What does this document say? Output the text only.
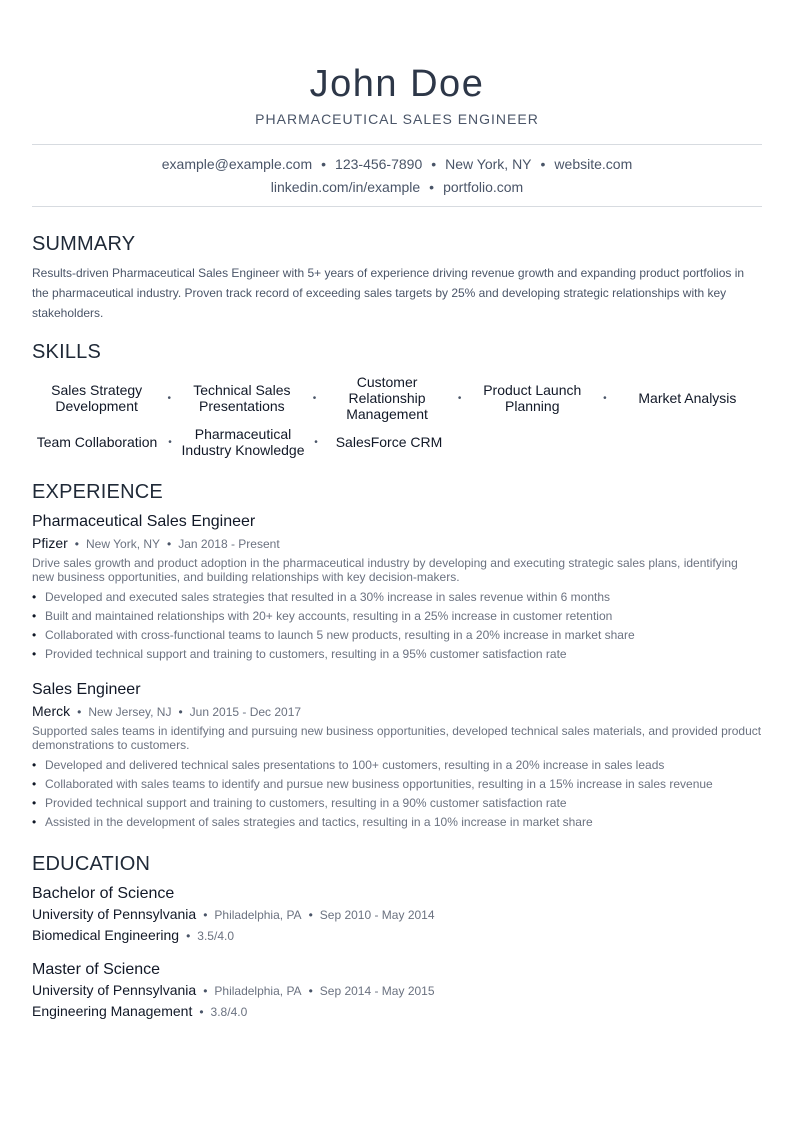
John Doe
PHARMACEUTICAL SALES ENGINEER
example@example.com • 123-456-7890 • New York, NY • website.com
linkedin.com/in/example • portfolio.com
SUMMARY
Results-driven Pharmaceutical Sales Engineer with 5+ years of experience driving revenue growth and expanding product portfolios in the pharmaceutical industry. Proven track record of exceeding sales targets by 25% and developing strategic relationships with key stakeholders.
SKILLS
Sales Strategy Development	•	Technical Sales Presentations	•
Customer Relationship Management
•	Product Launch Planning	•	Market Analysis
Team Collaboration	•	Pharmaceutical Industry Knowledge •	SalesForce CRM
EXPERIENCE
Pharmaceutical Sales Engineer
Pfizer • New York, NY • Jan 2018 - Present
Drive sales growth and product adoption in the pharmaceutical industry by developing and executing strategic sales plans, identifying new business opportunities, and building relationships with key decision-makers.
• Developed and executed sales strategies that resulted in a 30% increase in sales revenue within 6 months
• Built and maintained relationships with 20+ key accounts, resulting in a 25% increase in customer retention
• Collaborated with cross-functional teams to launch 5 new products, resulting in a 20% increase in market share
• Provided technical support and training to customers, resulting in a 95% customer satisfaction rate
Sales Engineer
Merck • New Jersey, NJ • Jun 2015 - Dec 2017
Supported sales teams in identifying and pursuing new business opportunities, developed technical sales materials, and provided product demonstrations to customers.
• Developed and delivered technical sales presentations to 100+ customers, resulting in a 20% increase in sales leads
• Collaborated with sales teams to identify and pursue new business opportunities, resulting in a 15% increase in sales revenue
• Provided technical support and training to customers, resulting in a 90% customer satisfaction rate
• Assisted in the development of sales strategies and tactics, resulting in a 10% increase in market share
EDUCATION
Bachelor of Science
University of Pennsylvania • Philadelphia, PA • Sep 2010 - May 2014
Biomedical Engineering • 3.5/4.0
Master of Science
University of Pennsylvania • Philadelphia, PA • Sep 2014 - May 2015
Engineering Management • 3.8/4.0
